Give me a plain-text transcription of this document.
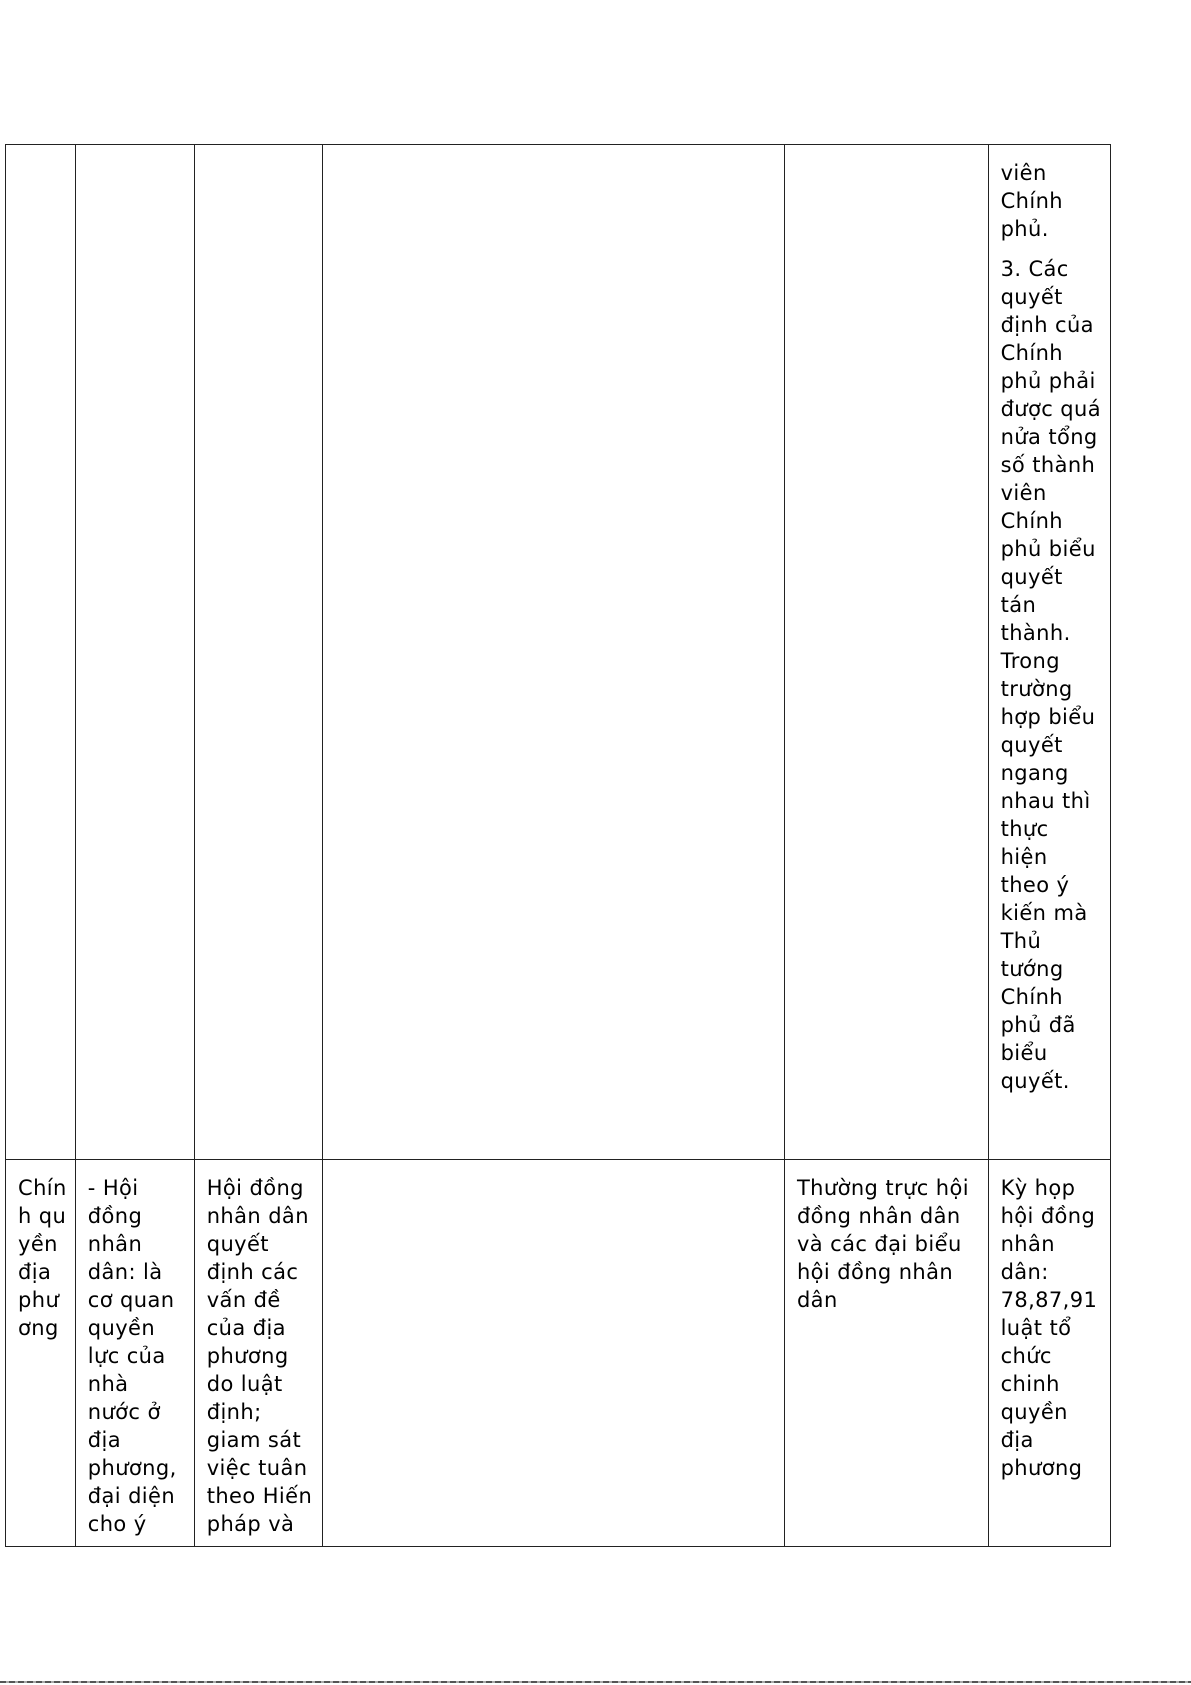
					viên Chính phủ.

3. Các quyết định của Chính phủ phải được quá nửa tổng số thành viên Chính phủ biểu quyết tán thành. Trong trường hợp biểu quyết ngang nhau thì thực hiện theo ý kiến mà Thủ tướng Chính phủ đã biểu quyết.

Chính quyền địa phương	- Hội đồng nhân dân: là cơ quan quyền lực của nhà nước ở địa phương, đại diện cho ý	Hội đồng nhân dân quyết định các vấn đề của địa phương do luật định; giam sát việc tuân theo Hiến pháp và		Thường trực hội đồng nhân dân và các đại biểu hội đồng nhân dân	Kỳ họp hội đồng nhân dân: 78,87,91 luật tổ chức chinh quyền địa phương
